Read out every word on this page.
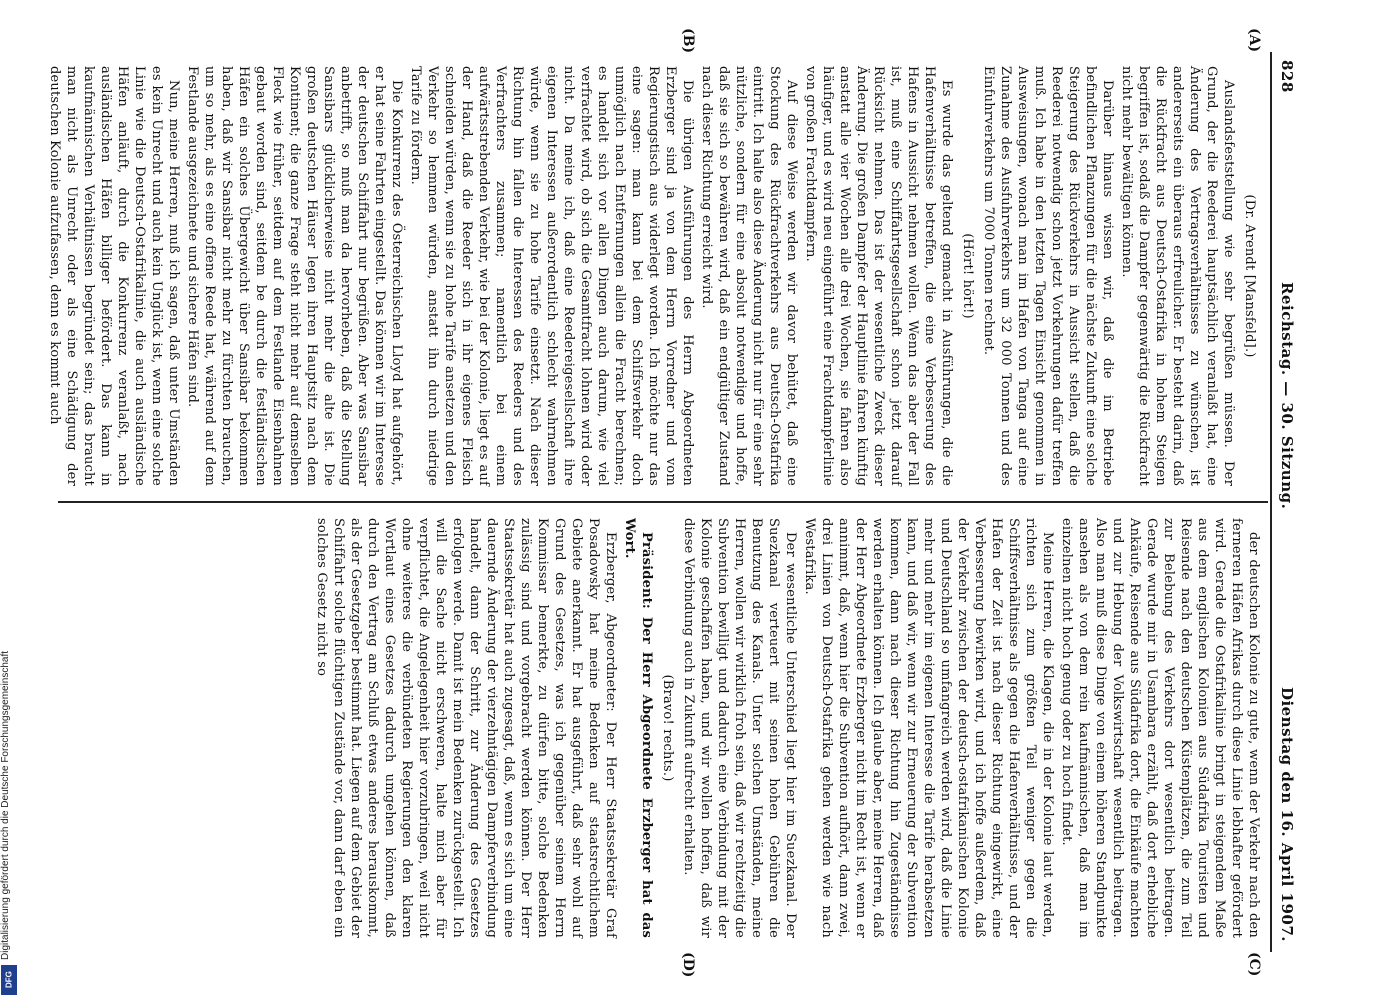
828
Reichstag. — 30. Sitzung.
Dienstag den 16. April 1907.
(A)
(B)
(C)
(D)

(Dr. Arendt [Mansfeld].)

Auslandsfeststellung wie sehr begrüßen müssen. Der Grund, der die Reederei hauptsächlich veranlaßt hat, eine Änderung des Vertragsverhältnisses zu wünschen, ist andererseits ein überaus erfreulicher. Er besteht darin, daß die Rückfracht aus Deutsch-Ostafrika in hohem Steigen begriffen ist, sodaß die Dampfer gegenwärtig die Rückfracht nicht mehr bewältigen können.

Darüber hinaus wissen wir, daß die im Betriebe befindlichen Pflanzungen für die nächste Zukunft eine solche Steigerung des Rückverkehrs in Aussicht stellen, daß die Reederei notwendig schon jetzt Vorkehrungen dafür treffen muß. Ich habe in den letzten Tagen Einsicht genommen in Ausweisungen, wonach man im Hafen von Tanga auf eine Zunahme des Ausfuhrverkehrs um 32 000 Tonnen und des Einfuhrverkehrs um 7000 Tonnen rechnet.

(Hört! hört!)

Es wurde das geltend gemacht in Ausführungen, die die Hafenverhältnisse betreffen, die eine Verbesserung des Hafens in Aussicht nehmen wollen. Wenn das aber der Fall ist, muß eine Schiffahrtsgesellschaft schon jetzt darauf Rücksicht nehmen. Das ist der wesentliche Zweck dieser Änderung. Die großen Dampfer der Hauptlinie fahren künftig anstatt alle vier Wochen alle drei Wochen, sie fahren also häufiger, und es wird neu eingeführt eine Frachtdampferlinie von großen Frachtdampfern.

Auf diese Weise werden wir davor behütet, daß eine Stockung des Rückfrachtverkehrs aus Deutsch-Ostafrika eintritt. Ich halte also diese Änderung nicht nur für eine sehr nützliche, sondern für eine absolut notwendige und hoffe, daß sie sich so bewähren wird, daß ein endgültiger Zustand nach dieser Richtung erreicht wird.

Die übrigen Ausführungen des Herrn Abgeordneten Erzberger sind ja von dem Herrn Vorredner und vom Regierungstisch aus widerlegt worden. Ich möchte nur das eine sagen: man kann bei dem Schiffsverkehr doch unmöglich nach Entfernungen allein die Fracht berechnen; es handelt sich vor allen Dingen auch darum, wie viel verfrachtet wird, ob sich die Gesamtfracht lohnen wird oder nicht. Da meine ich, daß eine Reedereigesellschaft ihre eigenen Interessen außerordentlich schlecht wahrnehmen würde, wenn sie zu hohe Tarife einsetzt. Nach dieser Richtung hin fallen die Interessen des Reeders und des Verfrachters zusammen; namentlich bei einem aufwärtsstrebenden Verkehr, wie bei der Kolonie, liegt es auf der Hand, daß die Reeder sich in ihr eigenes Fleisch schneiden würden, wenn sie zu hohe Tarife ansetzen und den Verkehr so hemmen würden, anstatt ihn durch niedrige Tarife zu fördern.

Die Konkurrenz des Österreichischen Lloyd hat aufgehört, er hat seine Fahrten eingestellt. Das können wir im Interesse der deutschen Schiffahrt nur begrüßen. Aber was Sansibar anbetrifft, so muß man da hervorheben, daß die Stellung Sansibars glücklicherweise nicht mehr die alte ist. Die großen deutschen Häuser legen ihren Hauptsitz nach dem Kontinent; die ganze Frage steht nicht mehr auf demselben Fleck wie früher, seitdem auf dem Festlande Eisenbahnen gebaut worden sind, seitdem be durch die festländischen Häfen ein solches Übergewicht über Sansibar bekommen haben, daß wir Sansibar nicht mehr zu fürchten brauchen, um so mehr, als es eine offene Reede hat, während auf dem Festlande ausgezeichnete und sichere Häfen sind.

Nun, meine Herren, muß ich sagen, daß unter Umständen es kein Unrecht und auch kein Unglück ist, wenn eine solche Linie wie die Deutsch-Ostafrikalinie, die auch ausländische Häfen anläuft, durch die Konkurrenz veranlaßt, nach ausländischen Häfen billiger befördert. Das kann in kaufmännischen Verhältnissen begründet sein; das braucht man nicht als Unrecht oder als eine Schädigung der deutschen Kolonie aufzufassen, denn es kommt auch

der deutschen Kolonie zu gute, wenn der Verkehr nach den ferneren Häfen Afrikas durch diese Linie lebhafter gefördert wird. Gerade die Ostafrikalinie bringt in steigendem Maße aus dem englischen Kolonien aus Südafrika Touristen und Reisende nach den deutschen Küstenplätzen, die zum Teil zur Belebung des Verkehrs dort wesentlich beitragen. Gerade wurde mir in Usambara erzählt, daß dort erhebliche Ankäufe, Reisende aus Südafrika dort, die Einkäufe machten und zur Hebung der Volkswirtschaft wesentlich beitragen. Also man muß diese Dinge von einem höheren Standpunkte ansehen als von dem rein kaufmännischen, daß man im einzelnen nicht hoch genug oder zu hoch findet.

Meine Herren, die Klagen, die in der Kolonie laut werden, richten sich zum größten Teil weniger gegen die Schiffsverhältnisse als gegen die Hafenverhältnisse, und der Hafen der Zeit ist nach dieser Richtung eingewirkt, eine Verbesserung bewirken wird, und ich hoffe außerdem, daß der Verkehr zwischen der deutsch-ostafrikanischen Kolonie und Deutschland so umfangreich werden wird, daß die Linie mehr und mehr im eigenen Interesse die Tarife herabsetzen kann, und daß wir, wenn wir zur Erneuerung der Subvention kommen, dann nach dieser Richtung hin Zugeständnisse werden erhalten können. Ich glaube aber, meine Herren, daß der Herr Abgeordnete Erzberger nicht im Recht ist, wenn er annimmt, daß, wenn hier die Subvention aufhört, dann zwei, drei Linien von Deutsch-Ostafrika gehen werden wie nach Westafrika.

Der wesentliche Unterschied liegt hier im Suezkanal. Der Suezkanal verteuert mit seinen hohen Gebühren die Benutzung des Kanals. Unter solchen Umständen, meine Herren, wollen wir wirklich froh sein, daß wir rechtzeitig die Subvention bewilligt und dadurch eine Verbindung mit der Kolonie geschaffen haben, und wir wollen hoffen, daß wir diese Verbindung auch in Zukunft aufrecht erhalten.

(Bravo! rechts.)

Präsident: Der Herr Abgeordnete Erzberger hat das Wort.

Erzberger, Abgeordneter: Der Herr Staatssekretär Graf Posadowsky hat meine Bedenken auf staatsrechtlichem Gebiete anerkannt. Er hat ausgeführt, daß sehr wohl auf Grund des Gesetzes, was ich gegenüber seinem Herrn Kommissar bemerkte, zu dürfen bitte, solche Bedenken zulässig sind und vorgebracht werden können. Der Herr Staatssekretär hat auch zugesagt, daß, wenn es sich um eine dauernde Änderung der vierzehntägigen Dampferverbindung handelt, dann der Schritt, zur Änderung des Gesetzes erfolgen werde. Damit ist mein Bedenken zurückgestellt. Ich will die Sache nicht erschweren, halte mich aber für verpflichtet, die Angelegenheit hier vorzubringen, weil nicht ohne weiteres die verbündeten Regierungen den klaren Wortlaut eines Gesetzes dadurch umgehen können, daß durch den Vertrag am Schluß etwas anderes herauskommt, als der Gesetzgeber bestimmt hat. Liegen auf dem Gebiet der Schiffahrt solche flüchtigen Zustände vor, dann darf eben ein solches Gesetz nicht so

Digitalisierung gefördert durch die Deutsche Forschungsgemeinschaft
DFG
